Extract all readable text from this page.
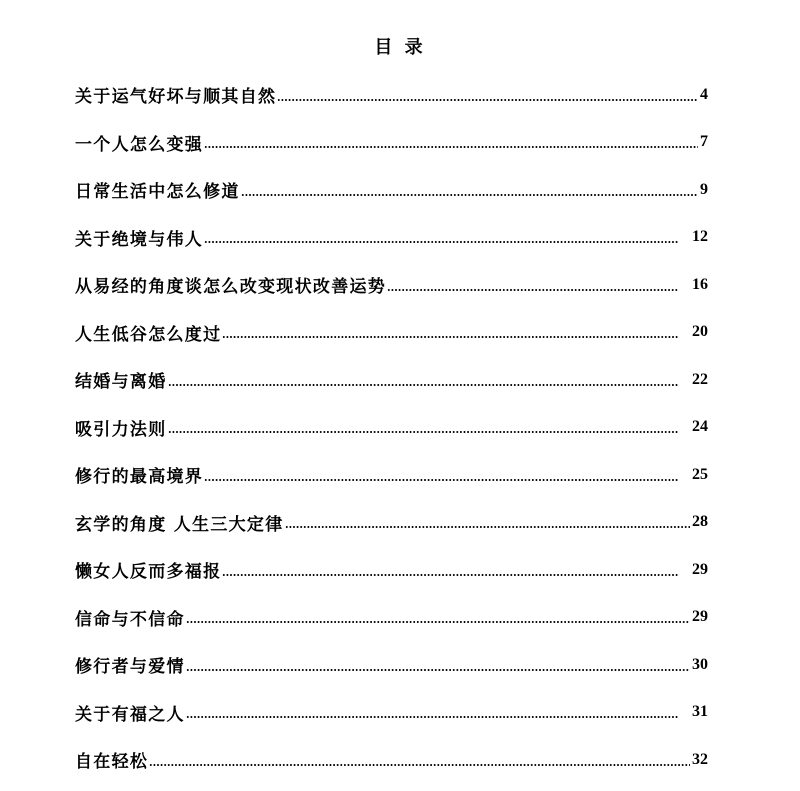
目 录
关于运气好坏与顺其自然	4
一个人怎么变强	7
日常生活中怎么修道	9
关于绝境与伟人	12
从易经的角度谈怎么改变现状改善运势	16
人生低谷怎么度过	20
结婚与离婚	22
吸引力法则	24
修行的最高境界	25
玄学的角度 人生三大定律	28
懒女人反而多福报	29
信命与不信命	29
修行者与爱情	30
关于有福之人	31
自在轻松	32
